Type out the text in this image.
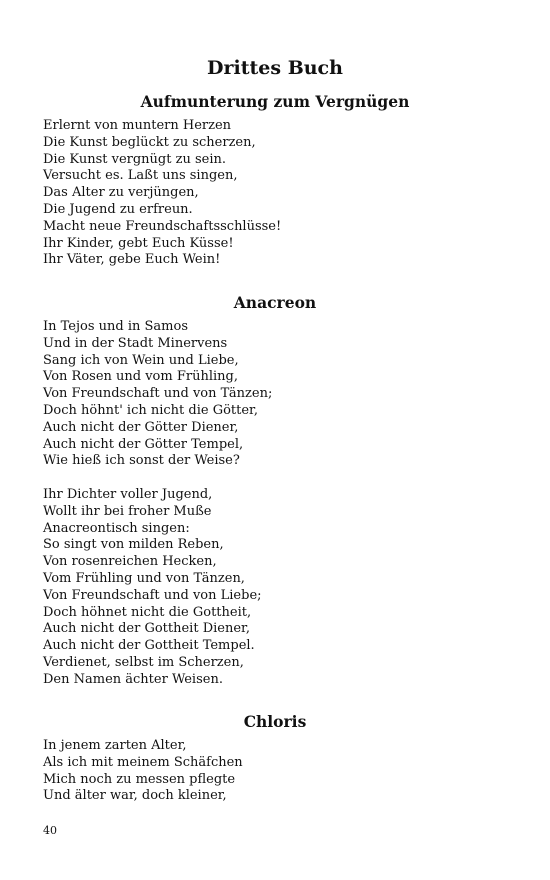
Drittes Buch
Aufmunterung zum Vergnügen
Erlernt von muntern Herzen
Die Kunst beglückt zu scherzen,
Die Kunst vergnügt zu sein.
Versucht es. Laßt uns singen,
Das Alter zu verjüngen,
Die Jugend zu erfreun.
Macht neue Freundschaftsschlüsse!
Ihr Kinder, gebt Euch Küsse!
Ihr Väter, gebe Euch Wein!
Anacreon
In Tejos und in Samos
Und in der Stadt Minervens
Sang ich von Wein und Liebe,
Von Rosen und vom Frühling,
Von Freundschaft und von Tänzen;
Doch höhnt' ich nicht die Götter,
Auch nicht der Götter Diener,
Auch nicht der Götter Tempel,
Wie hieß ich sonst der Weise?
Ihr Dichter voller Jugend,
Wollt ihr bei froher Muße
Anacreontisch singen:
So singt von milden Reben,
Von rosenreichen Hecken,
Vom Frühling und von Tänzen,
Von Freundschaft und von Liebe;
Doch höhnet nicht die Gottheit,
Auch nicht der Gottheit Diener,
Auch nicht der Gottheit Tempel.
Verdienet, selbst im Scherzen,
Den Namen ächter Weisen.
Chloris
In jenem zarten Alter,
Als ich mit meinem Schäfchen
Mich noch zu messen pflegte
Und älter war, doch kleiner,
40
